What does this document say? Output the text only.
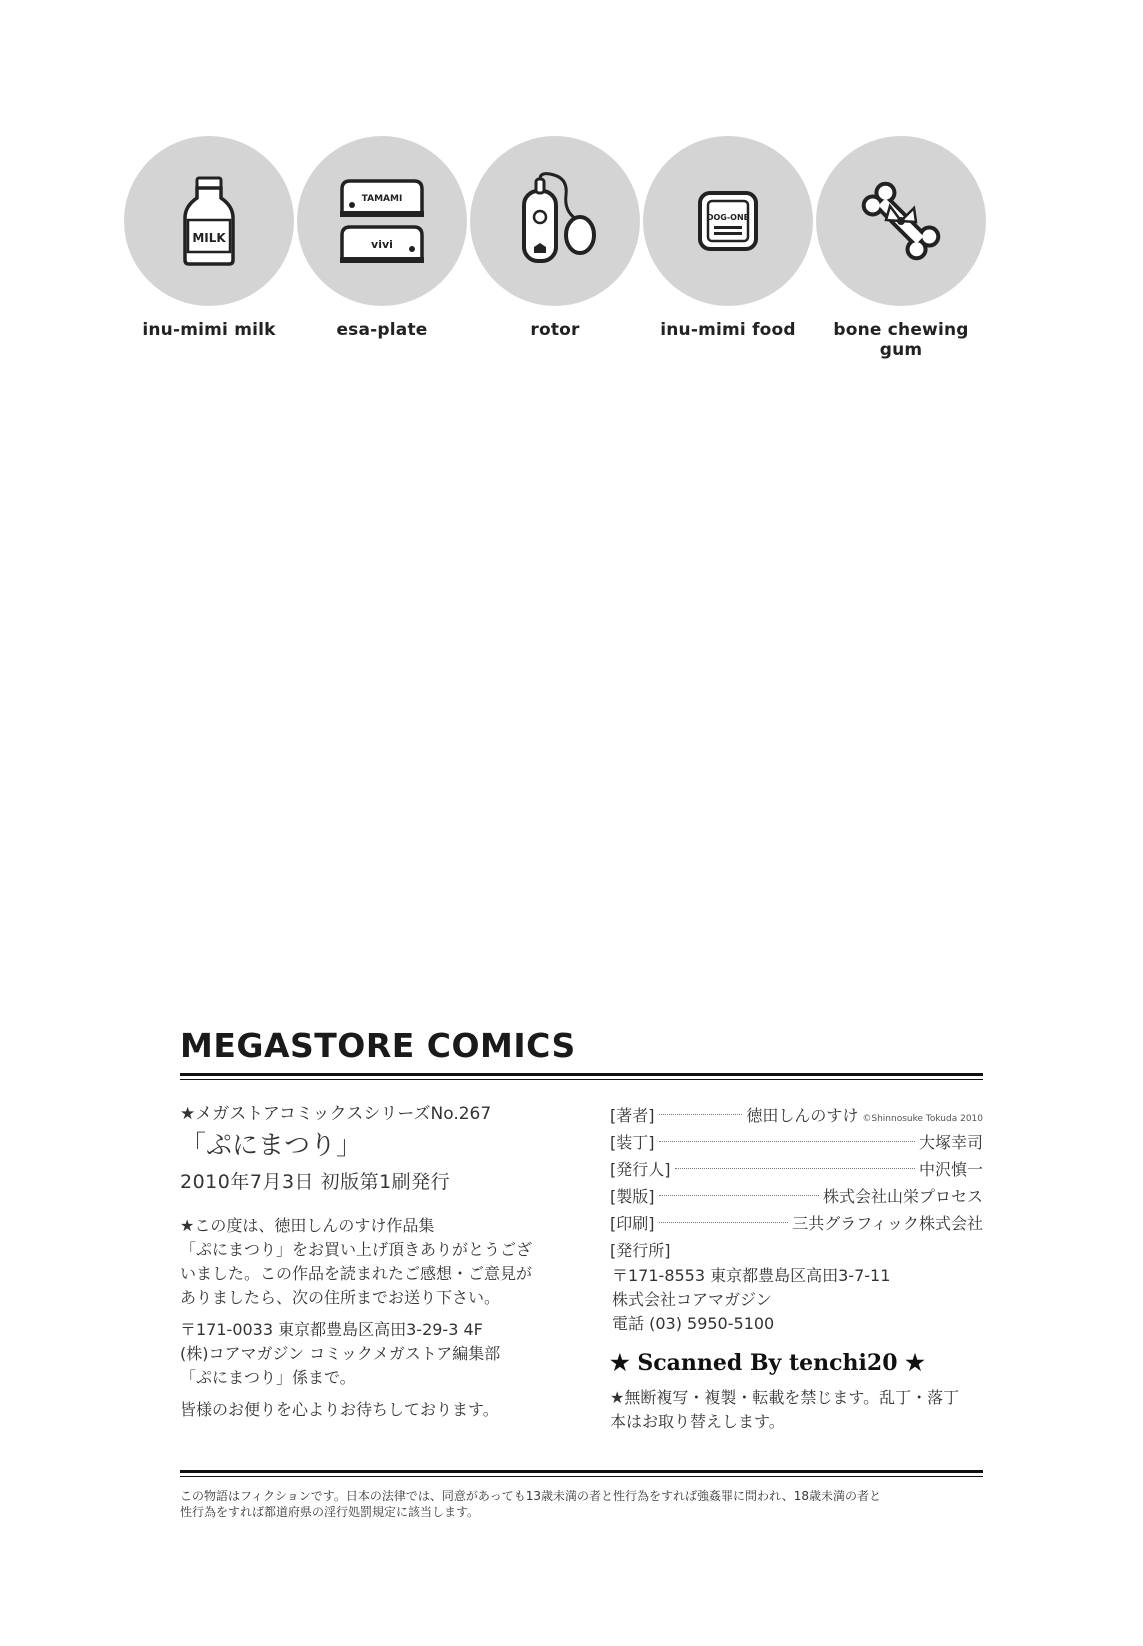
MILK
inu-mimi milk
TAMAMI
vivi
esa-plate	rotor
DOG-ONE
inu-mimi food	bone chewing gum
MEGASTORE COMICS
★メガストアコミックスシリーズNo.267
「ぷにまつり」
2010年7月3日 初版第1刷発行
★この度は、徳田しんのすけ作品集
「ぷにまつり」をお買い上げ頂きありがとうござ
いました。この作品を読まれたご感想・ご意見が
ありましたら、次の住所までお送り下さい。
〒171-0033 東京都豊島区高田3-29-3 4F
(株)コアマガジン コミックメガストア編集部
「ぷにまつり」係まで。
皆様のお便りを心よりお待ちしております。
[著者]	徳田しんのすけ ©Shinnosuke Tokuda 2010
[装丁]	大塚幸司
[発行人]	中沢慎一
[製版]	株式会社山栄プロセス
[印刷]	三共グラフィック株式会社
[発行所]
〒171-8553 東京都豊島区高田3-7-11
株式会社コアマガジン
電話 (03) 5950-5100
★ Scanned By tenchi20 ★
★無断複写・複製・転載を禁じます。乱丁・落丁
本はお取り替えします。
この物語はフィクションです。日本の法律では、同意があっても13歳未満の者と性行為をすれば強姦罪に問われ、18歳未満の者と
性行為をすれば都道府県の淫行処罰規定に該当します。
